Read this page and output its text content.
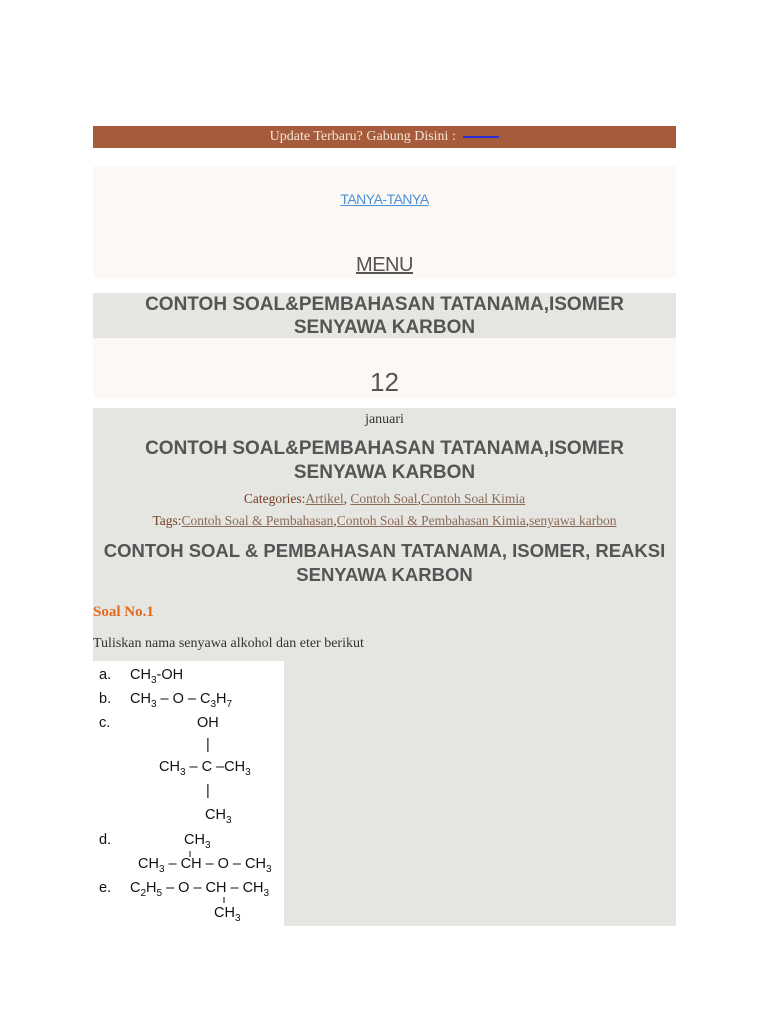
Update Terbaru? Gabung Disini :
TANYA-TANYA
MENU
CONTOH SOAL&PEMBAHASAN TATANAMA,ISOMER
SENYAWA KARBON
12
januari
CONTOH SOAL&PEMBAHASAN TATANAMA,ISOMER
SENYAWA KARBON
Categories:Artikel, Contoh Soal,Contoh Soal Kimia
Tags:Contoh Soal & Pembahasan,Contoh Soal & Pembahasan Kimia,senyawa karbon
CONTOH SOAL & PEMBAHASAN TATANAMA, ISOMER, REAKSI
SENYAWA KARBON
Soal No.1
Tuliskan nama senyawa alkohol dan eter berikut
a. $CH_3-OH$
b. $CH_3$ – O – $C_3H_7$
c.	OH
|
$CH_3$ – C $-CH_3$
|
$CH_3$
d.	$CH_3$
$CH_3$ – CH – O – $CH_3$
e. $C_2H_5$ – O – CH – $CH_3$
$CH_3$
